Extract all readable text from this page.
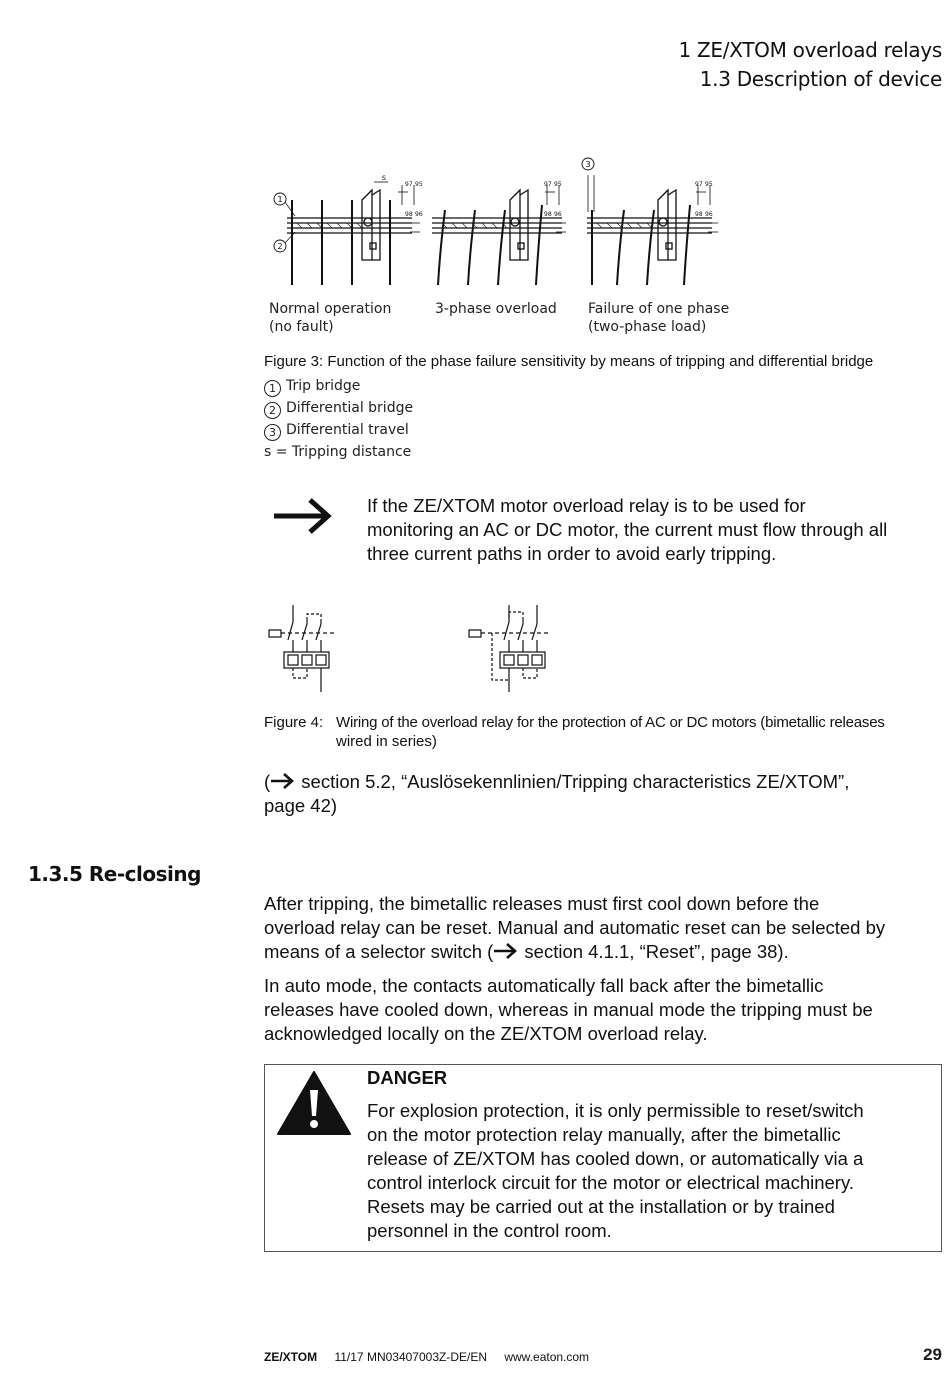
1 ZE/XTOM overload relays
1.3 Description of device
1
2
3
s
97 95
98 96
97 95
98 96
97 95
98 96
Normal operation
(no fault)
3-phase overload Failure of one phase
(two-phase load)
Figure 3: Function of the phase failure sensitivity by means of tripping and differential bridge
1 Trip bridge
2 Differential bridge
3 Differential travel
s = Tripping distance
If the ZE/XTOM motor overload relay is to be used for
monitoring an AC or DC motor, the current must flow through all
three current paths in order to avoid early tripping.
Figure 4: Wiring of the overload relay for the protection of AC or DC motors (bimetallic releases
wired in series)
( section 5.2, “Auslösekennlinien/Tripping characteristics ZE/XTOM”,
page 42)
1.3.5 Re-closing
After tripping, the bimetallic releases must first cool down before the
overload relay can be reset. Manual and automatic reset can be selected by
means of a selector switch ( section 4.1.1, “Reset”, page 38).
In auto mode, the contacts automatically fall back after the bimetallic
releases have cooled down, whereas in manual mode the tripping must be
acknowledged locally on the ZE/XTOM overload relay.
DANGER
For explosion protection, it is only permissible to reset/switch
on the motor protection relay manually, after the bimetallic
release of ZE/XTOM has cooled down, or automatically via a
control interlock circuit for the motor or electrical machinery.
Resets may be carried out at the installation or by trained
personnel in the control room.
ZE/XTOM 11/17 MN03407003Z-DE/EN www.eaton.com	29
